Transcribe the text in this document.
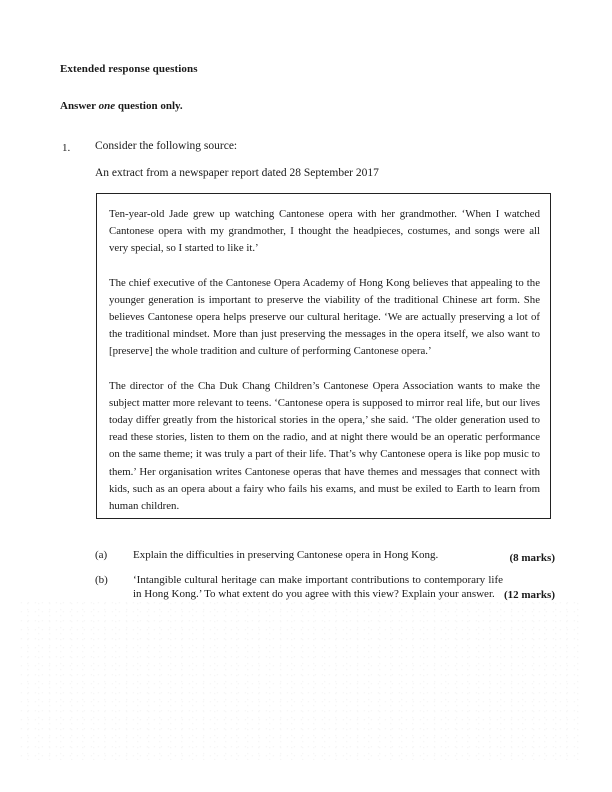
Extended response questions
Answer one question only.
1. Consider the following source:
An extract from a newspaper report dated 28 September 2017

Ten-year-old Jade grew up watching Cantonese opera with her grandmother. ‘When I watched Cantonese opera with my grandmother, I thought the headpieces, costumes, and songs were all very special, so I started to like it.’

The chief executive of the Cantonese Opera Academy of Hong Kong believes that appealing to the younger generation is important to preserve the viability of the traditional Chinese art form. She believes Cantonese opera helps preserve our cultural heritage. ‘We are actually preserving a lot of the traditional mindset. More than just preserving the messages in the opera itself, we also want to [preserve] the whole tradition and culture of performing Cantonese opera.’

The director of the Cha Duk Chang Children’s Cantonese Opera Association wants to make the subject matter more relevant to teens. ‘Cantonese opera is supposed to mirror real life, but our lives today differ greatly from the historical stories in the opera,’ she said. ‘The older generation used to read these stories, listen to them on the radio, and at night there would be an operatic performance on the same theme; it was truly a part of their life. That’s why Cantonese opera is like pop music to them.’ Her organisation writes Cantonese operas that have themes and messages that connect with kids, such as an opera about a fairy who fails his exams, and must be exiled to Earth to learn from human children.

(a)	Explain the difficulties in preserving Cantonese opera in Hong Kong.	(8 marks)
(b)	‘Intangible cultural heritage can make important contributions to contemporary life in Hong Kong.’ To what extent do you agree with this view? Explain your answer. (12 marks)
